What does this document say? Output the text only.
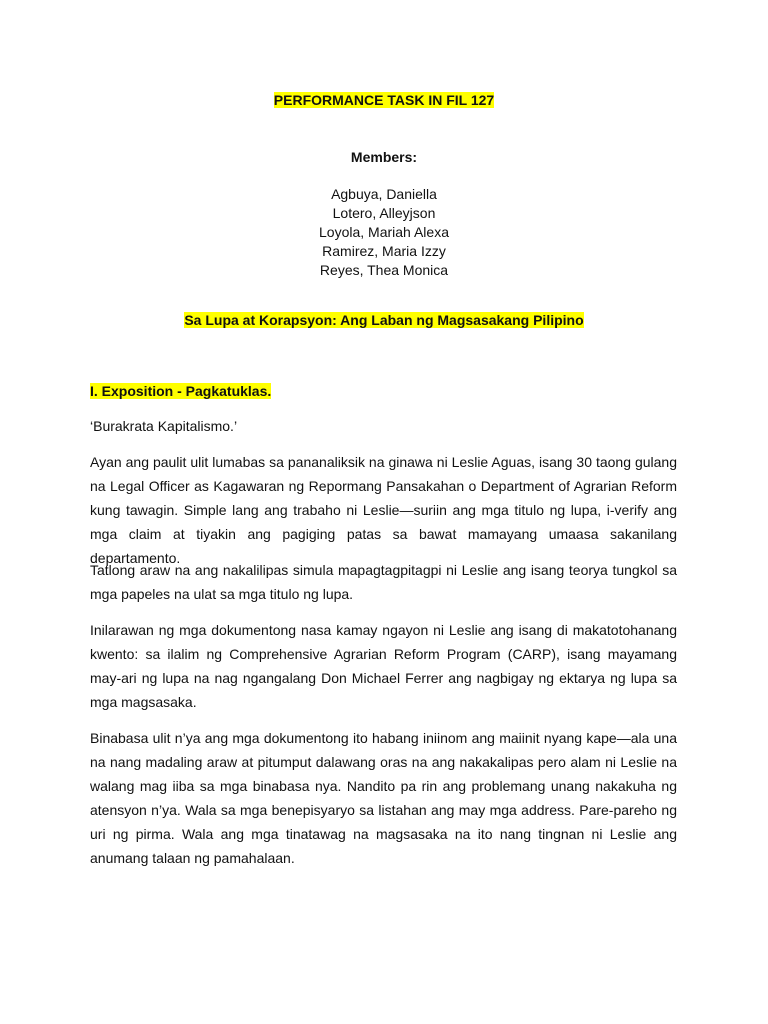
PERFORMANCE TASK IN FIL 127
Members:
Agbuya, Daniella
Lotero, Alleyjson
Loyola, Mariah Alexa
Ramirez, Maria Izzy
Reyes, Thea Monica
Sa Lupa at Korapsyon: Ang Laban ng Magsasakang Pilipino
I. Exposition - Pagkatuklas.

‘Burakrata Kapitalismo.’

Ayan ang paulit ulit lumabas sa pananaliksik na ginawa ni Leslie Aguas, isang 30 taong gulang na Legal Officer as Kagawaran ng Repormang Pansakahan o Department of Agrarian Reform kung tawagin. Simple lang ang trabaho ni Leslie—suriin ang mga titulo ng lupa, i-verify ang mga claim at tiyakin ang pagiging patas sa bawat mamayang umaasa sakanilang departamento.

Tatlong araw na ang nakalilipas simula mapagtagpitagpi ni Leslie ang isang teorya tungkol sa mga papeles na ulat sa mga titulo ng lupa.

Inilarawan ng mga dokumentong nasa kamay ngayon ni Leslie ang isang di makatotohanang kwento: sa ilalim ng Comprehensive Agrarian Reform Program (CARP), isang mayamang may-ari ng lupa na nag ngangalang Don Michael Ferrer ang nagbigay ng ektarya ng lupa sa mga magsasaka.

Binabasa ulit n’ya ang mga dokumentong ito habang iniinom ang maiinit nyang kape—ala una na nang madaling araw at pitumput dalawang oras na ang nakakalipas pero alam ni Leslie na walang mag iiba sa mga binabasa nya. Nandito pa rin ang problemang unang nakakuha ng atensyon n’ya. Wala sa mga benepisyaryo sa listahan ang may mga address. Pare-pareho ng uri ng pirma. Wala ang mga tinatawag na magsasaka na ito nang tingnan ni Leslie ang anumang talaan ng pamahalaan.
